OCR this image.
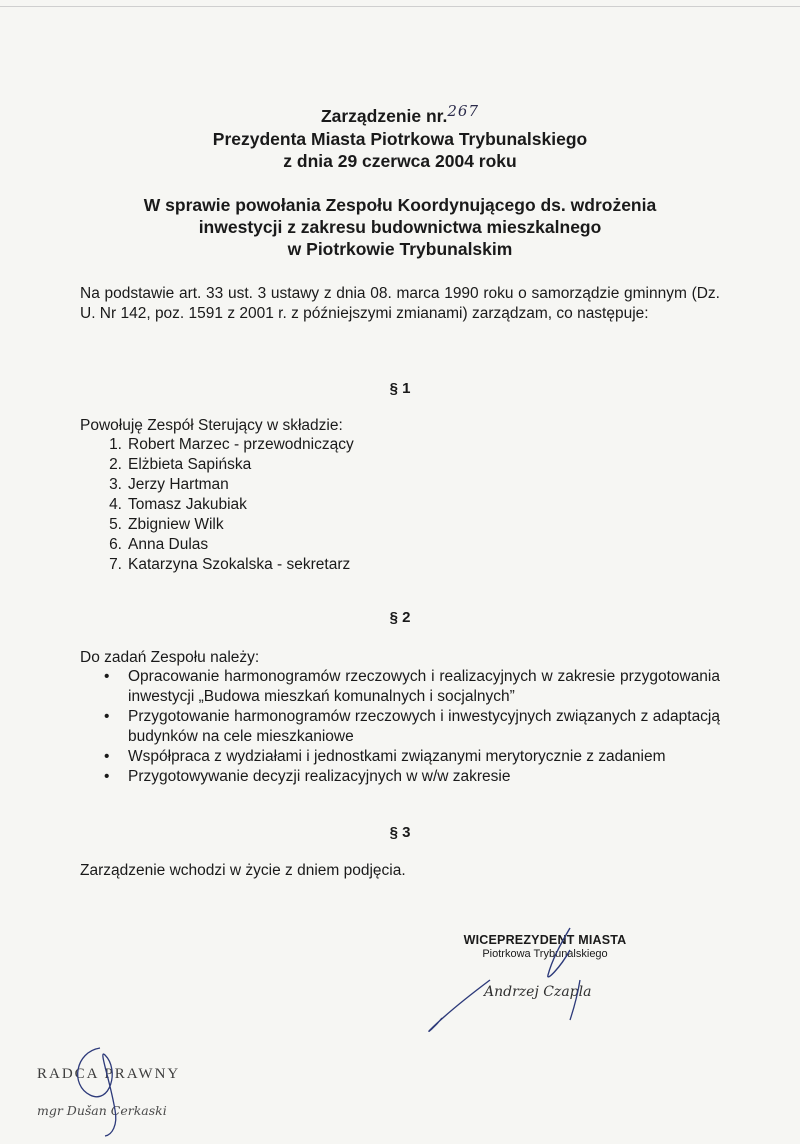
Zarządzenie nr.267
Prezydenta Miasta Piotrkowa Trybunalskiego
z dnia 29 czerwca 2004 roku
W sprawie powołania Zespołu Koordynującego ds. wdrożenia
inwestycji z zakresu budownictwa mieszkalnego
w Piotrkowie Trybunalskim
Na podstawie art. 33 ust. 3 ustawy z dnia 08. marca 1990 roku o samorządzie gminnym (Dz. U. Nr 142, poz. 1591 z 2001 r. z późniejszymi zmianami) zarządzam, co następuje:
§ 1
Powołuję Zespół Sterujący w składzie:
1. Robert Marzec - przewodniczący
2. Elżbieta Sapińska
3. Jerzy Hartman
4. Tomasz Jakubiak
5. Zbigniew Wilk
6. Anna Dulas
7. Katarzyna Szokalska - sekretarz
§ 2
Do zadań Zespołu należy:
• Opracowanie harmonogramów rzeczowych i realizacyjnych w zakresie przygotowania inwestycji „Budowa mieszkań komunalnych i socjalnych”
• Przygotowanie harmonogramów rzeczowych i inwestycyjnych związanych z adaptacją budynków na cele mieszkaniowe
• Współpraca z wydziałami i jednostkami związanymi merytorycznie z zadaniem
• Przygotowywanie decyzji realizacyjnych w w/w zakresie
§ 3
Zarządzenie wchodzi w życie z dniem podjęcia.
WICEPREZYDENT MIASTA
Piotrkowa Trybunalskiego
Andrzej Czapla
RADCA PRAWNY
mgr Dušan Cerkaski
